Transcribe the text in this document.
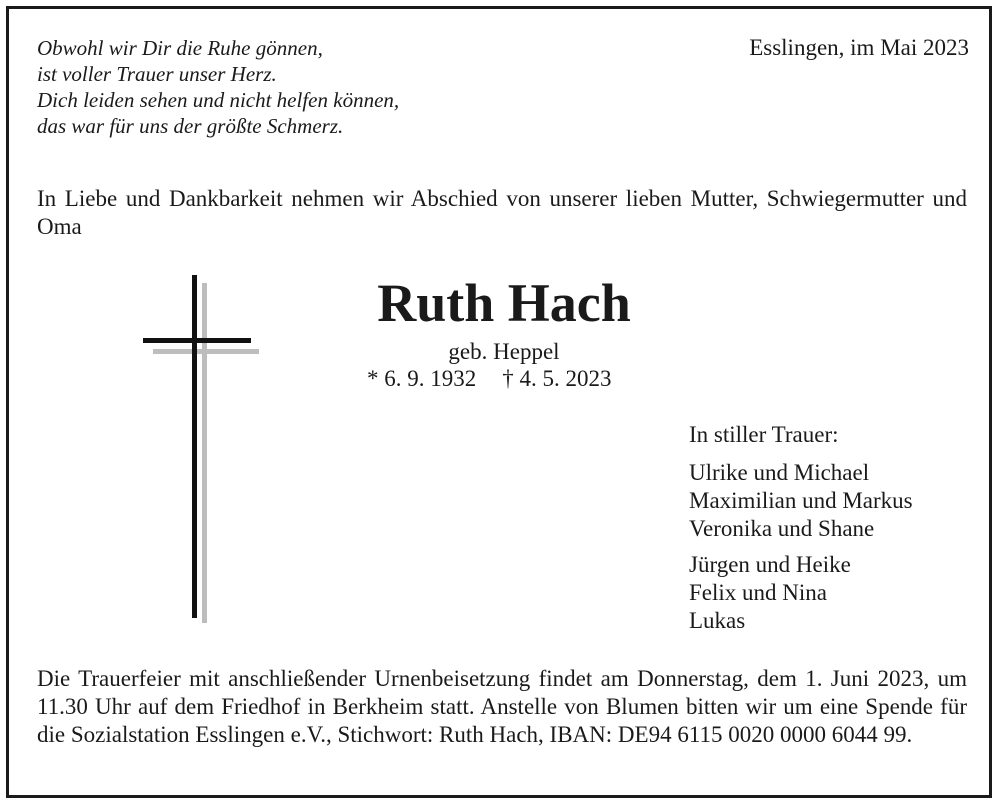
Obwohl wir Dir die Ruhe gönnen,
ist voller Trauer unser Herz.
Dich leiden sehen und nicht helfen können,
das war für uns der größte Schmerz.
Esslingen, im Mai 2023
In Liebe und Dankbarkeit nehmen wir Abschied von unserer lieben Mutter, Schwiegermutter und Oma
Ruth Hach
geb. Heppel
* 6. 9. 1932 † 4. 5. 2023
In stiller Trauer:
Ulrike und Michael
Maximilian und Markus
Veronika und Shane
Jürgen und Heike
Felix und Nina
Lukas
Die Trauerfeier mit anschließender Urnenbeisetzung findet am Donnerstag, dem 1. Juni 2023, um 11.30 Uhr auf dem Friedhof in Berkheim statt. Anstelle von Blumen bitten wir um eine Spende für die Sozialstation Esslingen e.V., Stichwort: Ruth Hach, IBAN: DE94 6115 0020 0000 6044 99.
